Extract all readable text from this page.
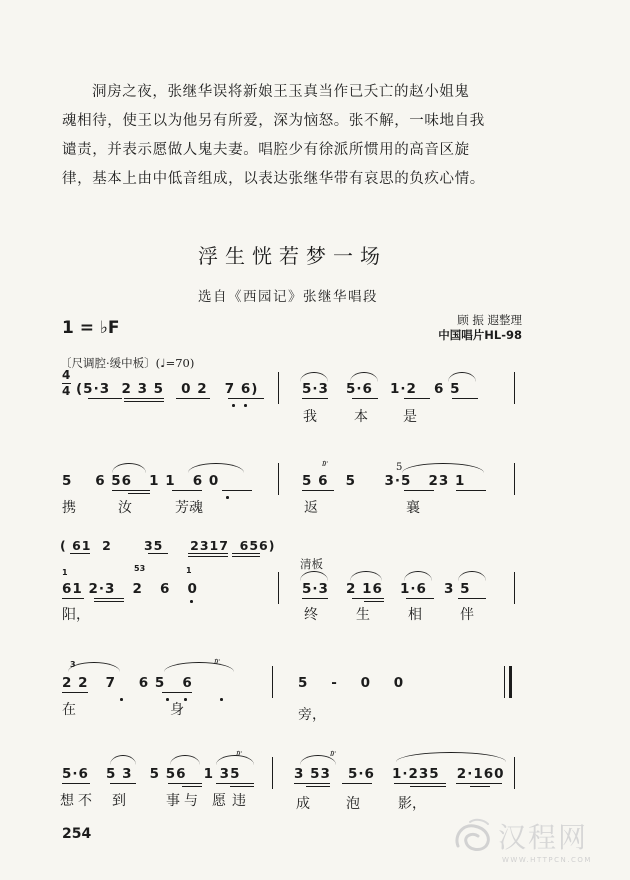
洞房之夜，张继华误将新娘王玉真当作已夭亡的赵小姐鬼

魂相待，使王以为他另有所爱，深为恼怒。张不解，一味地自我

谴责，并表示愿做人鬼夫妻。唱腔少有徐派所惯用的高音区旋

律，基本上由中低音组成，以表达张继华带有哀思的负疚心情。

浮生恍若梦一场
选自《西园记》张继华唱段
1 = ♭F	顾 振 遐整理
中国唱片HL-98
〔尺调腔·缓中板〕(♩=70)
4
4 (5·3  2 3 5   0 2   7 6)	5·3   5·6   1·2   6 5
我	本	是
5    6 56   1 1   6 0
携	汝	芳魂
𝆖	5
5 6   5     3·5   23 1
返	襄
( 61  2      35     2317  656)
1	53	1
61 2·3   2   6   0
阳，
清板
5·3   2 16   1·6   3 5
终	生	相	伴
3	𝆖
2 2   7    6 5   6
在	身
5    -    0    0
旁，
𝆖
5·6   5 3   5 56   1 35
想 不 到	事 与 愿 违
𝆖
3 53   5·6   1·235   2·160
成	泡	影，
254	汉程网
WWW.HTTPCN.COM
